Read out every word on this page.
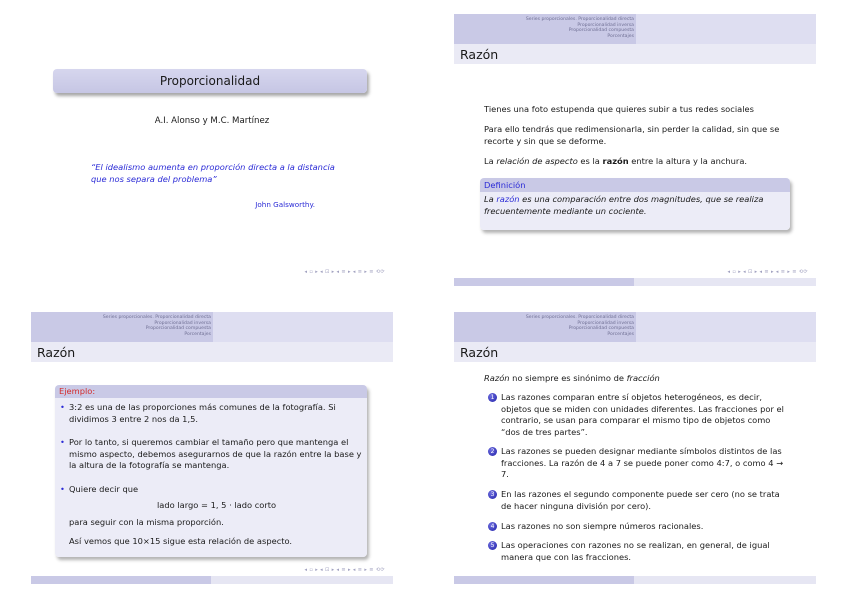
Proporcionalidad
A.I. Alonso y M.C. Martínez
“El idealismo aumenta en proporción directa a la distancia que nos separa del problema”
John Galsworthy.
◂ ▫ ▸ ◂ ⊡ ▸ ◂ ≡ ▸ ◂ ≡ ▸ ≡ ⟲⟳
Series proporcionales. Proporcionalidad directa
Proporcionalidad inversa
Proporcionalidad compuesta
Porcentajes
Razón
Tienes una foto estupenda que quieres subir a tus redes sociales
Para ello tendrás que redimensionarla, sin perder la calidad, sin que se recorte y sin que se deforme.
La relación de aspecto es la razón entre la altura y la anchura.
Definición
La razón es una comparación entre dos magnitudes, que se realiza frecuentemente mediante un cociente.
◂ ▫ ▸ ◂ ⊡ ▸ ◂ ≡ ▸ ◂ ≡ ▸ ≡ ⟲⟳
Series proporcionales. Proporcionalidad directa
Proporcionalidad inversa
Proporcionalidad compuesta
Porcentajes
Razón
Ejemplo:
• 3:2 es una de las proporciones más comunes de la fotografía. Si dividimos 3 entre 2 nos da 1,5.
• Por lo tanto, si queremos cambiar el tamaño pero que mantenga el mismo aspecto, debemos asegurarnos de que la razón entre la base y la altura de la fotografía se mantenga.
• Quiere decir que
lado largo = 1, 5 · lado corto
para seguir con la misma proporción.
Así vemos que 10×15 sigue esta relación de aspecto.
◂ ▫ ▸ ◂ ⊡ ▸ ◂ ≡ ▸ ◂ ≡ ▸ ≡ ⟲⟳
Series proporcionales. Proporcionalidad directa
Proporcionalidad inversa
Proporcionalidad compuesta
Porcentajes
Razón
Razón no siempre es sinónimo de fracción
1 Las razones comparan entre sí objetos heterogéneos, es decir, objetos que se miden con unidades diferentes. Las fracciones por el contrario, se usan para comparar el mismo tipo de objetos como “dos de tres partes”.
2 Las razones se pueden designar mediante símbolos distintos de las fracciones. La razón de 4 a 7 se puede poner como 4:7, o como 4 → 7.
3 En las razones el segundo componente puede ser cero (no se trata de hacer ninguna división por cero).
4 Las razones no son siempre números racionales.
5 Las operaciones con razones no se realizan, en general, de igual manera que con las fracciones.
